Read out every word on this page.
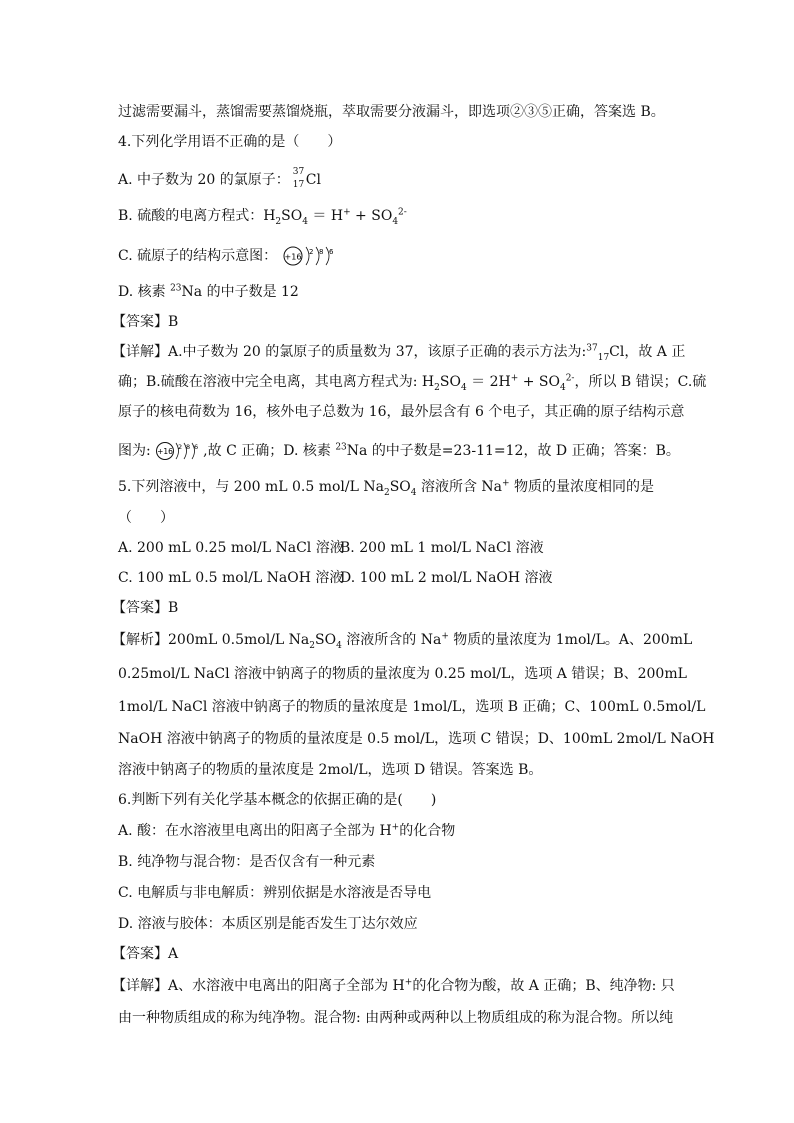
过滤需要漏斗，蒸馏需要蒸馏烧瓶，萃取需要分液漏斗，即选项②③⑤正确，答案选 B。
4.下列化学用语不正确的是（　　）
A. 中子数为 20 的氯原子： 37
17 Cl
B. 硫酸的电离方程式：$H_2SO_4 = H^+ + SO_4^{2-}$
C. 硫原子的结构示意图： +16
2 8 6
D. 核素 $^{23}$Na 的中子数是 12
【答案】B
【详解】A.中子数为 20 的氯原子的质量数为 37，该原子正确的表示方法为:$^{37}_{17}$Cl，故 A 正
确；B.硫酸在溶液中完全电离，其电离方程式为: $H_2SO_4 = 2H^+ + SO_4^{2-}$，所以 B 错误；C.硫
原子的核电荷数为 16，核外电子总数为 16，最外层含有 6 个电子，其正确的原子结构示意
图为: +16 2 8 6 ,故 C 正确；D. 核素 $^{23}$Na 的中子数是=23-11=12，故 D 正确；答案：B。
5.下列溶液中，与 200 mL 0.5 mol/L $Na_2SO_4$ 溶液所含 Na+ 物质的量浓度相同的是
（　　）
A. 200 mL 0.25 mol/L NaCl 溶液
B. 200 mL 1 mol/L NaCl 溶液
C. 100 mL 0.5 mol/L NaOH 溶液
D. 100 mL 2 mol/L NaOH 溶液
【答案】B
【解析】200mL 0.5mol/L $Na_2SO_4$ 溶液所含的 Na+ 物质的量浓度为 1mol/L。A、200mL
0.25mol/L NaCl 溶液中钠离子的物质的量浓度为 0.25 mol/L，选项 A 错误；B、200mL
1mol/L NaCl 溶液中钠离子的物质的量浓度是 1mol/L，选项 B 正确；C、100mL 0.5mol/L
NaOH 溶液中钠离子的物质的量浓度是 0.5 mol/L，选项 C 错误；D、100mL 2mol/L NaOH
溶液中钠离子的物质的量浓度是 2mol/L，选项 D 错误。答案选 B。
6.判断下列有关化学基本概念的依据正确的是(　　)
A. 酸：在水溶液里电离出的阳离子全部为 H+的化合物
B. 纯净物与混合物：是否仅含有一种元素
C. 电解质与非电解质：辨别依据是水溶液是否导电
D. 溶液与胶体：本质区别是能否发生丁达尔效应
【答案】A
【详解】A、水溶液中电离出的阳离子全部为 H+的化合物为酸，故 A 正确；B、纯净物: 只
由一种物质组成的称为纯净物。混合物: 由两种或两种以上物质组成的称为混合物。所以纯
